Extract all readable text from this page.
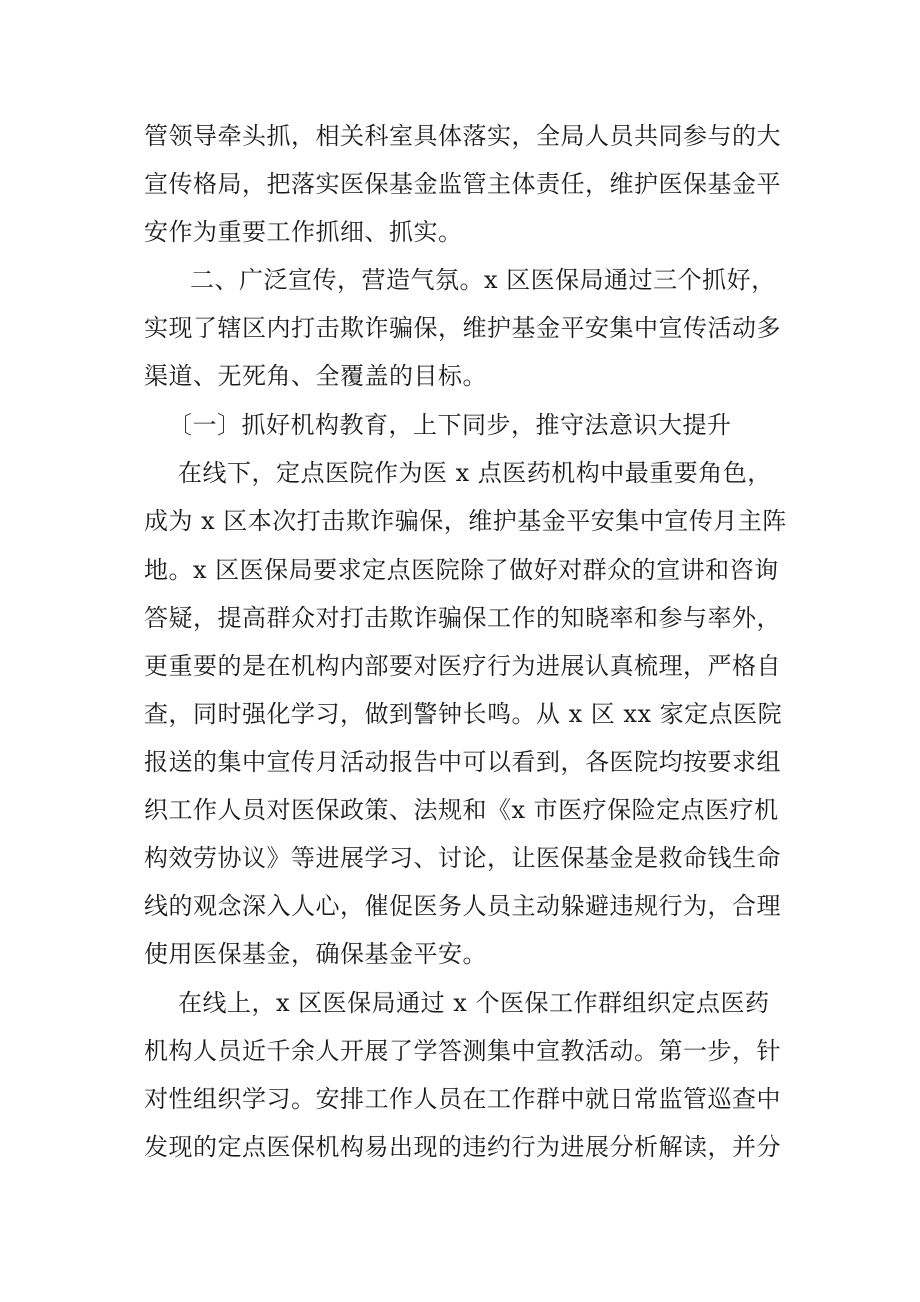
管领导牵头抓，相关科室具体落实，全局人员共同参与的大
宣传格局，把落实医保基金监管主体责任，维护医保基金平
安作为重要工作抓细、抓实。
二、广泛宣传，营造气氛。x 区医保局通过三个抓好，
实现了辖区内打击欺诈骗保，维护基金平安集中宣传活动多
渠道、无死角、全覆盖的目标。
〔一〕抓好机构教育，上下同步，推守法意识大提升
在线下，定点医院作为医 x 点医药机构中最重要角色，
成为 x 区本次打击欺诈骗保，维护基金平安集中宣传月主阵
地。x 区医保局要求定点医院除了做好对群众的宣讲和咨询
答疑，提高群众对打击欺诈骗保工作的知晓率和参与率外，
更重要的是在机构内部要对医疗行为进展认真梳理，严格自
查，同时强化学习，做到警钟长鸣。从 x 区 xx 家定点医院
报送的集中宣传月活动报告中可以看到，各医院均按要求组
织工作人员对医保政策、法规和《x 市医疗保险定点医疗机
构效劳协议》等进展学习、讨论，让医保基金是救命钱生命
线的观念深入人心，催促医务人员主动躲避违规行为，合理
使用医保基金，确保基金平安。
在线上，x 区医保局通过 x 个医保工作群组织定点医药
机构人员近千余人开展了学答测集中宣教活动。第一步，针
对性组织学习。安排工作人员在工作群中就日常监管巡查中
发现的定点医保机构易出现的违约行为进展分析解读，并分
